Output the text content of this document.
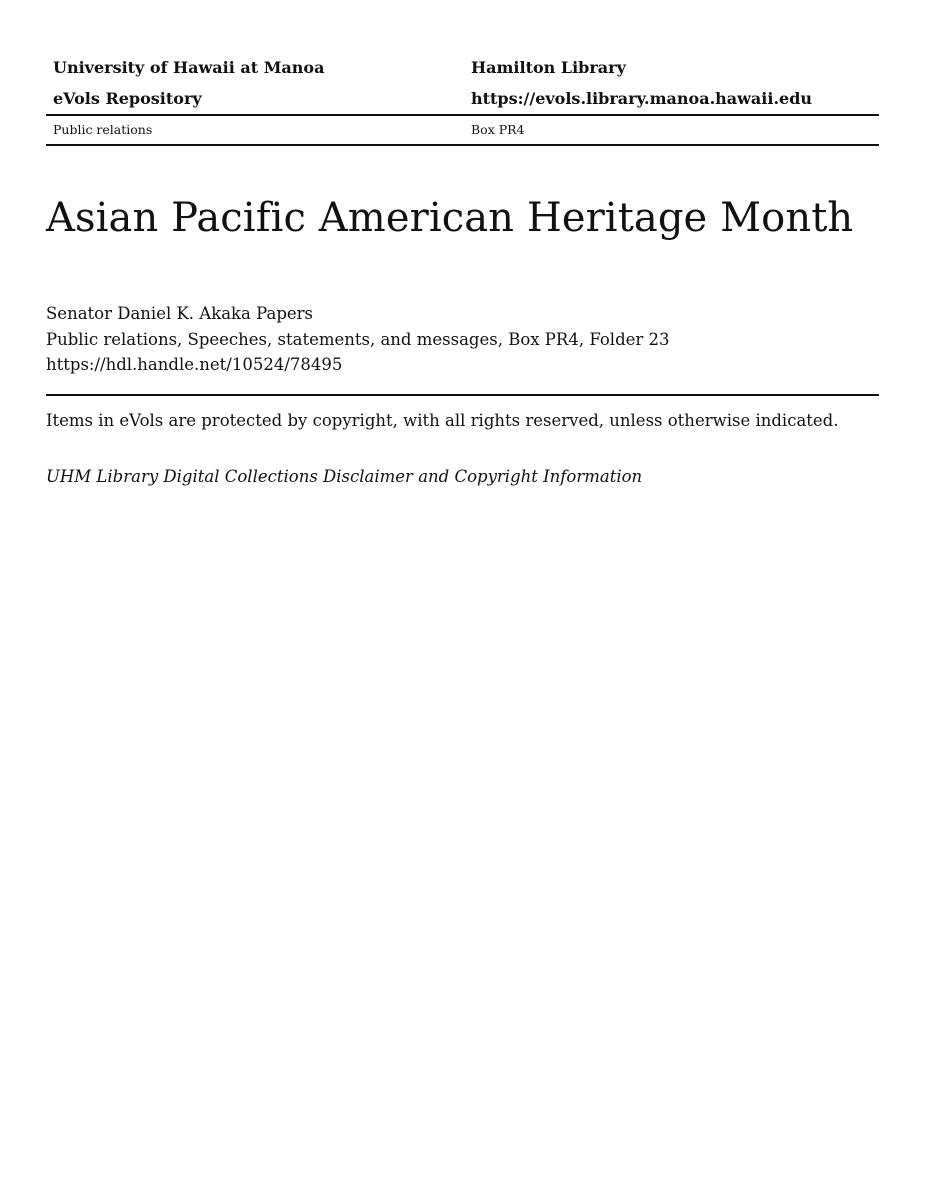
University of Hawaii at Manoa	Hamilton Library
eVols Repository	https://evols.library.manoa.hawaii.edu
Public relations	Box PR4
Asian Pacific American Heritage Month
Senator Daniel K. Akaka Papers
Public relations, Speeches, statements, and messages, Box PR4, Folder 23
https://hdl.handle.net/10524/78495
Items in eVols are protected by copyright, with all rights reserved, unless otherwise indicated.
UHM Library Digital Collections Disclaimer and Copyright Information
